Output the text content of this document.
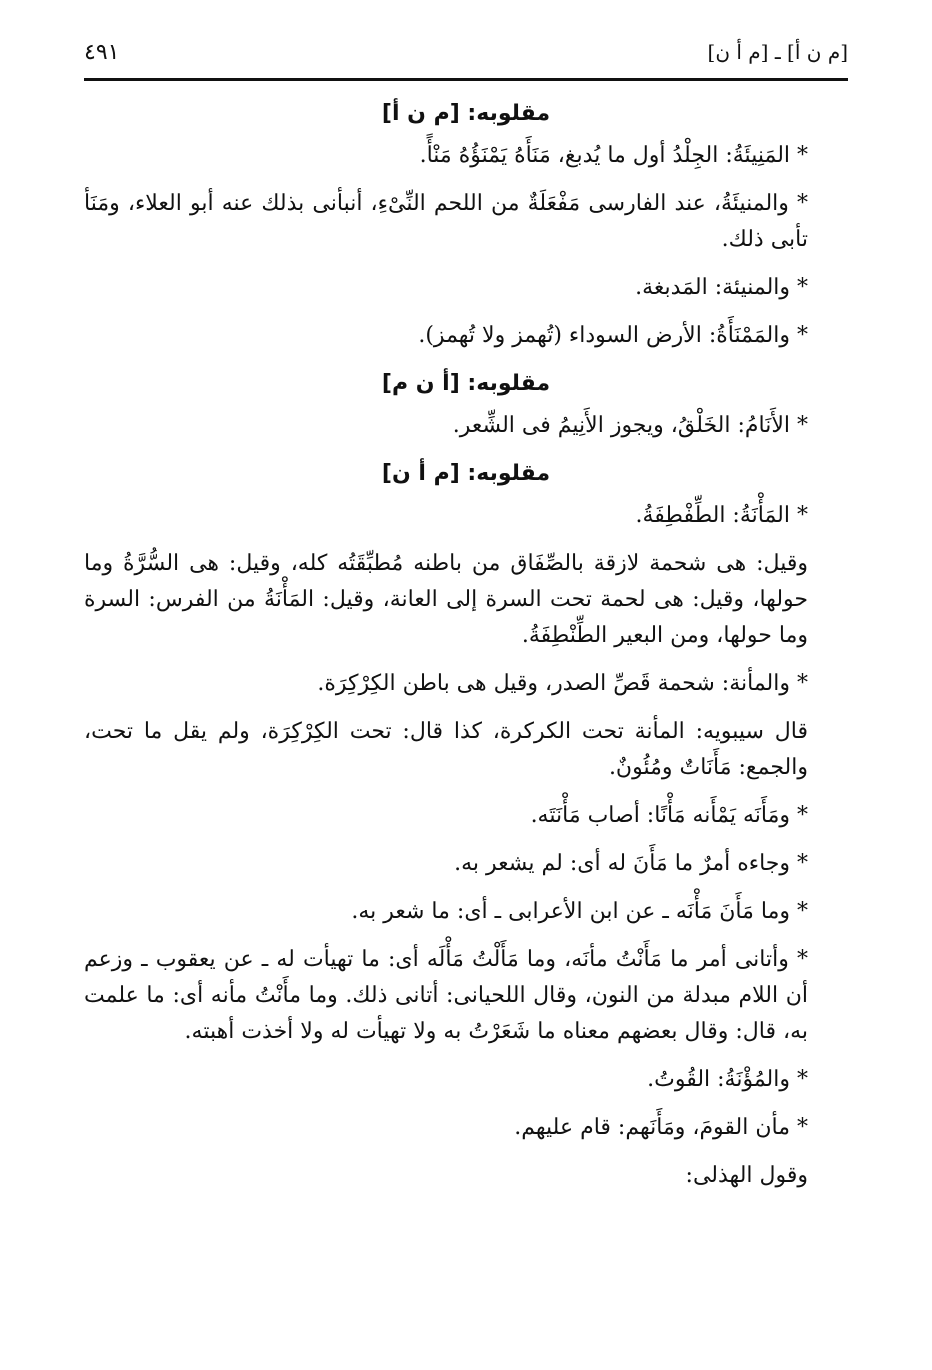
[م ن أ] ـ [م أ ن]
٤٩١
مقلوبه: [م ن أ]
* المَنِيئَةُ: الجِلْدُ أول ما يُدبغ، مَنَأَهُ يَمْنَؤُهُ مَنْأً.
* والمنيئَةُ، عند الفارسى مَفْعَلَةٌ من اللحم النِّىْءِ، أنبأنى بذلك عنه أبو العلاء، ومَنَأ تأبى ذلك.
* والمنيئة: المَدبغة.
* والمَمْنَأَةُ: الأرض السوداء (تُهمز ولا تُهمز).
مقلوبه: [أ ن م]
* الأَنَامُ: الخَلْقُ، ويجوز الأَنِيمُ فى الشِّعر.
مقلوبه: [م أ ن]
* المَأْنَةُ: الطِّفْطِفَةُ.
وقيل: هى شحمة لازقة بالصِّفَاق من باطنه مُطبِّقَتُه كله، وقيل: هى السُّرَّةُ وما حولها، وقيل: هى لحمة تحت السرة إلى العانة، وقيل: المَأْنَةُ من الفرس: السرة وما حولها، ومن البعير الطِّنْطِفَةُ.
* والمأنة: شحمة قَصِّ الصدر، وقيل هى باطن الكِرْكِرَة.
قال سيبويه: المأنة تحت الكركرة، كذا قال: تحت الكِرْكِرَة، ولم يقل ما تحت، والجمع: مَأَنَاتٌ ومُئُونٌ.
* ومَأَنَه يَمْأَنه مَأْنًا: أصاب مَأْنَتَه.
* وجاءه أمرٌ ما مَأَنَ له أى: لم يشعر به.
* وما مَأَنَ مَأْنَه ـ عن ابن الأعرابى ـ أى: ما شعر به.
* وأتانى أمر ما مَأَنْتُ مأنَه، وما مَأَلْتُ مَأْلَه أى: ما تهيأت له ـ عن يعقوب ـ وزعم أن اللام مبدلة من النون، وقال اللحيانى: أتانى ذلك. وما مأَنْتُ مأنه أى: ما علمت به، قال: وقال بعضهم معناه ما شَعَرْتُ به ولا تهيأت له ولا أخذت أهبته.
* والمُؤْنَةُ: القُوتُ.
* مأن القومَ، ومَأَنَهم: قام عليهم.
وقول الهذلى:
